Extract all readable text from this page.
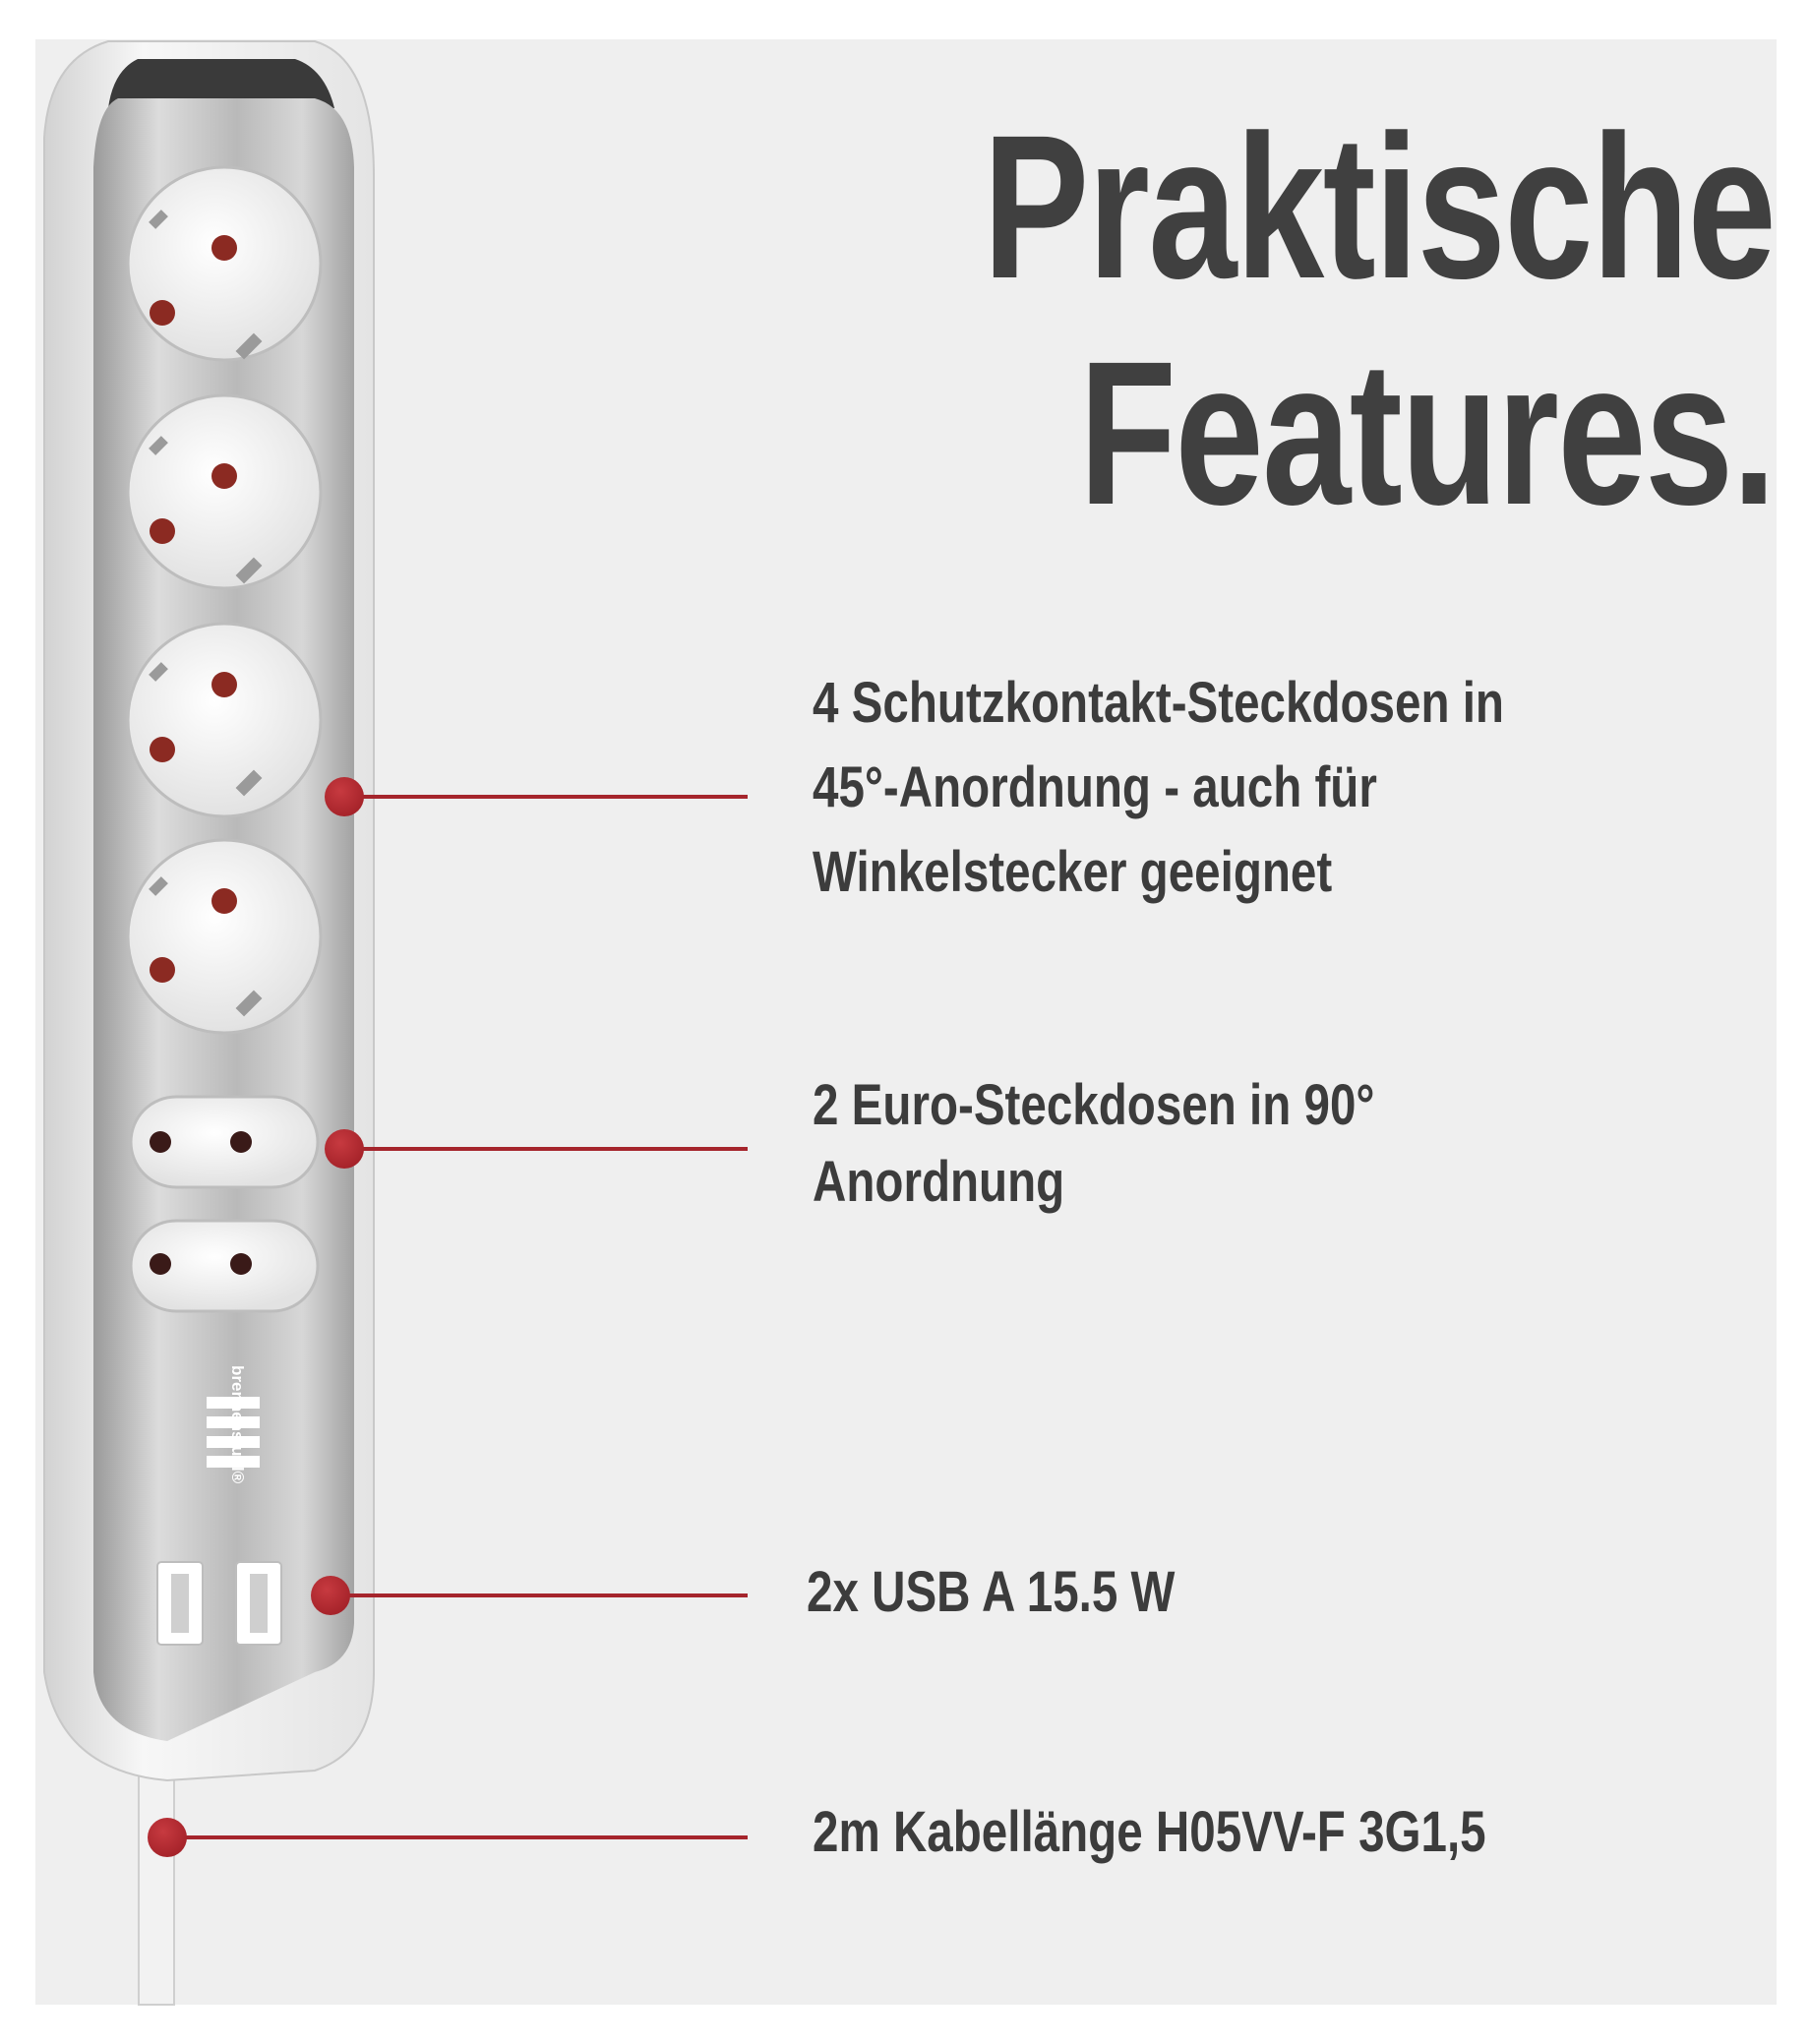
brennenstuhl®
Praktische
Features.
4 Schutzkontakt-Steckdosen in
45°-Anordnung - auch für
Winkelstecker geeignet
2 Euro-Steckdosen in 90°
Anordnung
2x USB A 15.5 W
2m Kabellänge H05VV-F 3G1,5
